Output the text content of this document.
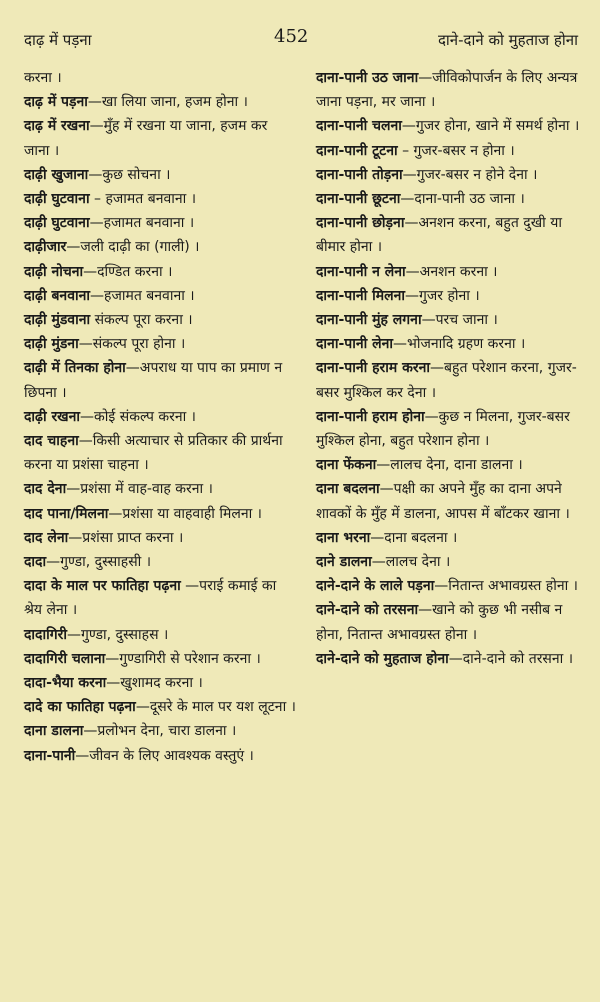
दाढ़ में पड़ना	452	दाने-दाने को मुहताज होना

करना ।

दाढ़ में पड़ना—खा लिया जाना, हजम होना ।

दाढ़ में रखना—मुँह में रखना या जाना, हजम कर जाना ।

दाढ़ी खुजाना—कुछ सोचना ।

दाढ़ी घुटवाना – हजामत बनवाना ।

दाढ़ी घुटवाना—हजामत बनवाना ।

दाढ़ीजार—जली दाढ़ी का (गाली) ।

दाढ़ी नोचना—दण्डित करना ।

दाढ़ी बनवाना—हजामत बनवाना ।

दाढ़ी मुंडवाना संकल्प पूरा करना ।

दाढ़ी मुंडना—संकल्प पूरा होना ।

दाढ़ी में तिनका होना—अपराध या पाप का प्रमाण न छिपना ।

दाढ़ी रखना—कोई संकल्प करना ।

दाद चाहना—किसी अत्याचार से प्रतिकार की प्रार्थना करना या प्रशंसा चाहना ।

दाद देना—प्रशंसा में वाह-वाह करना ।

दाद पाना/मिलना—प्रशंसा या वाहवाही मिलना ।

दाद लेना—प्रशंसा प्राप्त करना ।

दादा—गुण्डा, दुस्साहसी ।

दादा के माल पर फातिहा पढ़ना —पराई कमाई का श्रेय लेना ।

दादागिरी—गुण्डा, दुस्साहस ।

दादागिरी चलाना—गुण्डागिरी से परेशान करना ।

दादा-भैया करना—खुशामद करना ।

दादे का फातिहा पढ़ना—दूसरे के माल पर यश लूटना ।

दाना डालना—प्रलोभन देना, चारा डालना ।

दाना-पानी—जीवन के लिए आवश्यक वस्तुएं ।

दाना-पानी उठ जाना—जीविकोपार्जन के लिए अन्यत्र जाना पड़ना, मर जाना ।

दाना-पानी चलना—गुजर होना, खाने में समर्थ होना ।

दाना-पानी टूटना – गुजर-बसर न होना ।

दाना-पानी तोड़ना—गुजर-बसर न होने देना ।

दाना-पानी छूटना—दाना-पानी उठ जाना ।

दाना-पानी छोड़ना—अनशन करना, बहुत दुखी या बीमार होना ।

दाना-पानी न लेना—अनशन करना ।

दाना-पानी मिलना—गुजर होना ।

दाना-पानी मुंह लगना—परच जाना ।

दाना-पानी लेना—भोजनादि ग्रहण करना ।

दाना-पानी हराम करना—बहुत परेशान करना, गुजर-बसर मुश्किल कर देना ।

दाना-पानी हराम होना—कुछ न मिलना, गुजर-बसर मुश्किल होना, बहुत परेशान होना ।

दाना फेंकना—लालच देना, दाना डालना ।

दाना बदलना—पक्षी का अपने मुँह का दाना अपने शावकों के मुँह में डालना, आपस में बाँटकर खाना ।

दाना भरना—दाना बदलना ।

दाने डालना—लालच देना ।

दाने-दाने के लाले पड़ना—नितान्त अभावग्रस्त होना ।

दाने-दाने को तरसना—खाने को कुछ भी नसीब न होना, नितान्त अभावग्रस्त होना ।

दाने-दाने को मुहताज होना—दाने-दाने को तरसना ।
